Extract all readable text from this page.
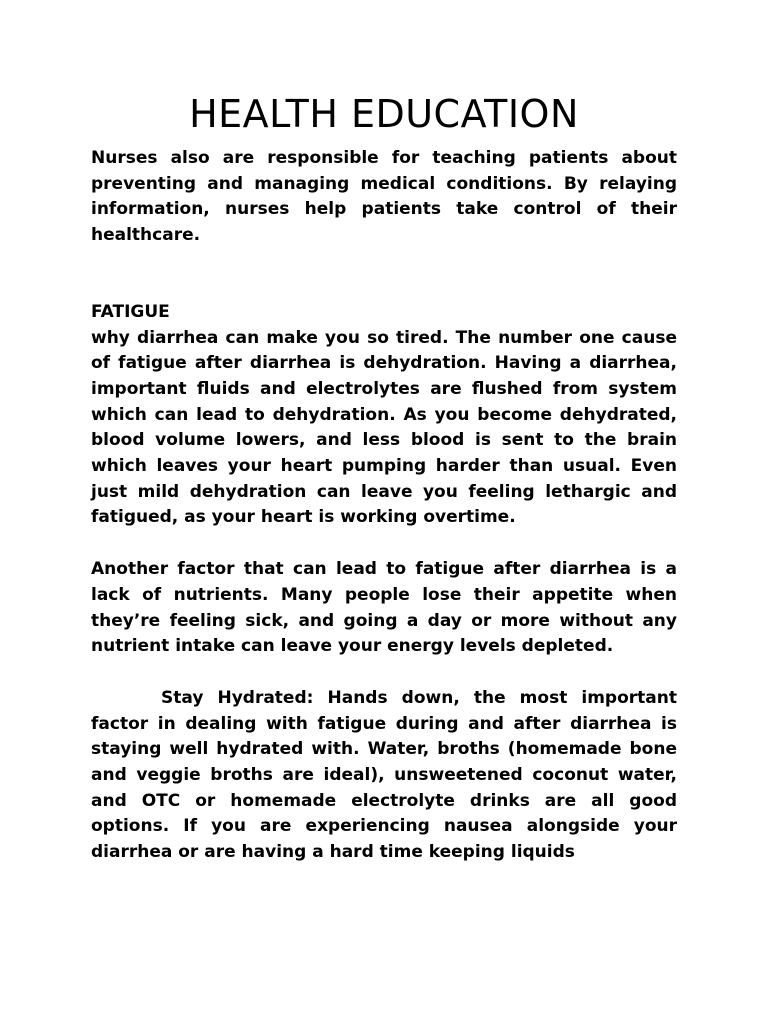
HEALTH EDUCATION

Nurses also are responsible for teaching patients about preventing and managing medical conditions. By relaying information, nurses help patients take control of their healthcare.

FATIGUE

why diarrhea can make you so tired. The number one cause of fatigue after diarrhea is dehydration. Having a diarrhea, important fluids and electrolytes are flushed from system which can lead to dehydration. As you become dehydrated, blood volume lowers, and less blood is sent to the brain which leaves your heart pumping harder than usual. Even just mild dehydration can leave you feeling lethargic and fatigued, as your heart is working overtime.

Another factor that can lead to fatigue after diarrhea is a lack of nutrients. Many people lose their appetite when they’re feeling sick, and going a day or more without any nutrient intake can leave your energy levels depleted.

Stay Hydrated: Hands down, the most important factor in dealing with fatigue during and after diarrhea is staying well hydrated with. Water, broths (homemade bone and veggie broths are ideal), unsweetened coconut water, and OTC or homemade electrolyte drinks are all good options. If you are experiencing nausea alongside your diarrhea or are having a hard time keeping liquids
